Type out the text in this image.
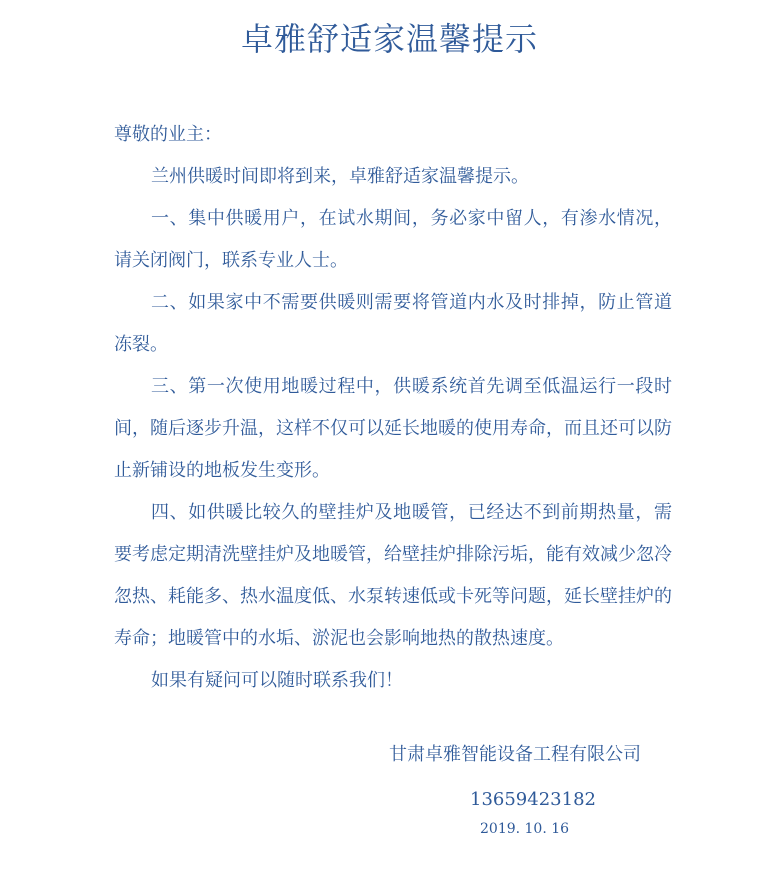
卓雅舒适家温馨提示

尊敬的业主：

兰州供暖时间即将到来，卓雅舒适家温馨提示。

一、集中供暖用户，在试水期间，务必家中留人，有渗水情况，请关闭阀门，联系专业人士。

二、如果家中不需要供暖则需要将管道内水及时排掉，防止管道冻裂。

三、第一次使用地暖过程中，供暖系统首先调至低温运行一段时间，随后逐步升温，这样不仅可以延长地暖的使用寿命，而且还可以防止新铺设的地板发生变形。

四、如供暖比较久的壁挂炉及地暖管，已经达不到前期热量，需要考虑定期清洗壁挂炉及地暖管，给壁挂炉排除污垢，能有效减少忽冷忽热、耗能多、热水温度低、水泵转速低或卡死等问题，延长壁挂炉的寿命；地暖管中的水垢、淤泥也会影响地热的散热速度。

如果有疑问可以随时联系我们！

甘肃卓雅智能设备工程有限公司
13659423182
2019. 10. 16
